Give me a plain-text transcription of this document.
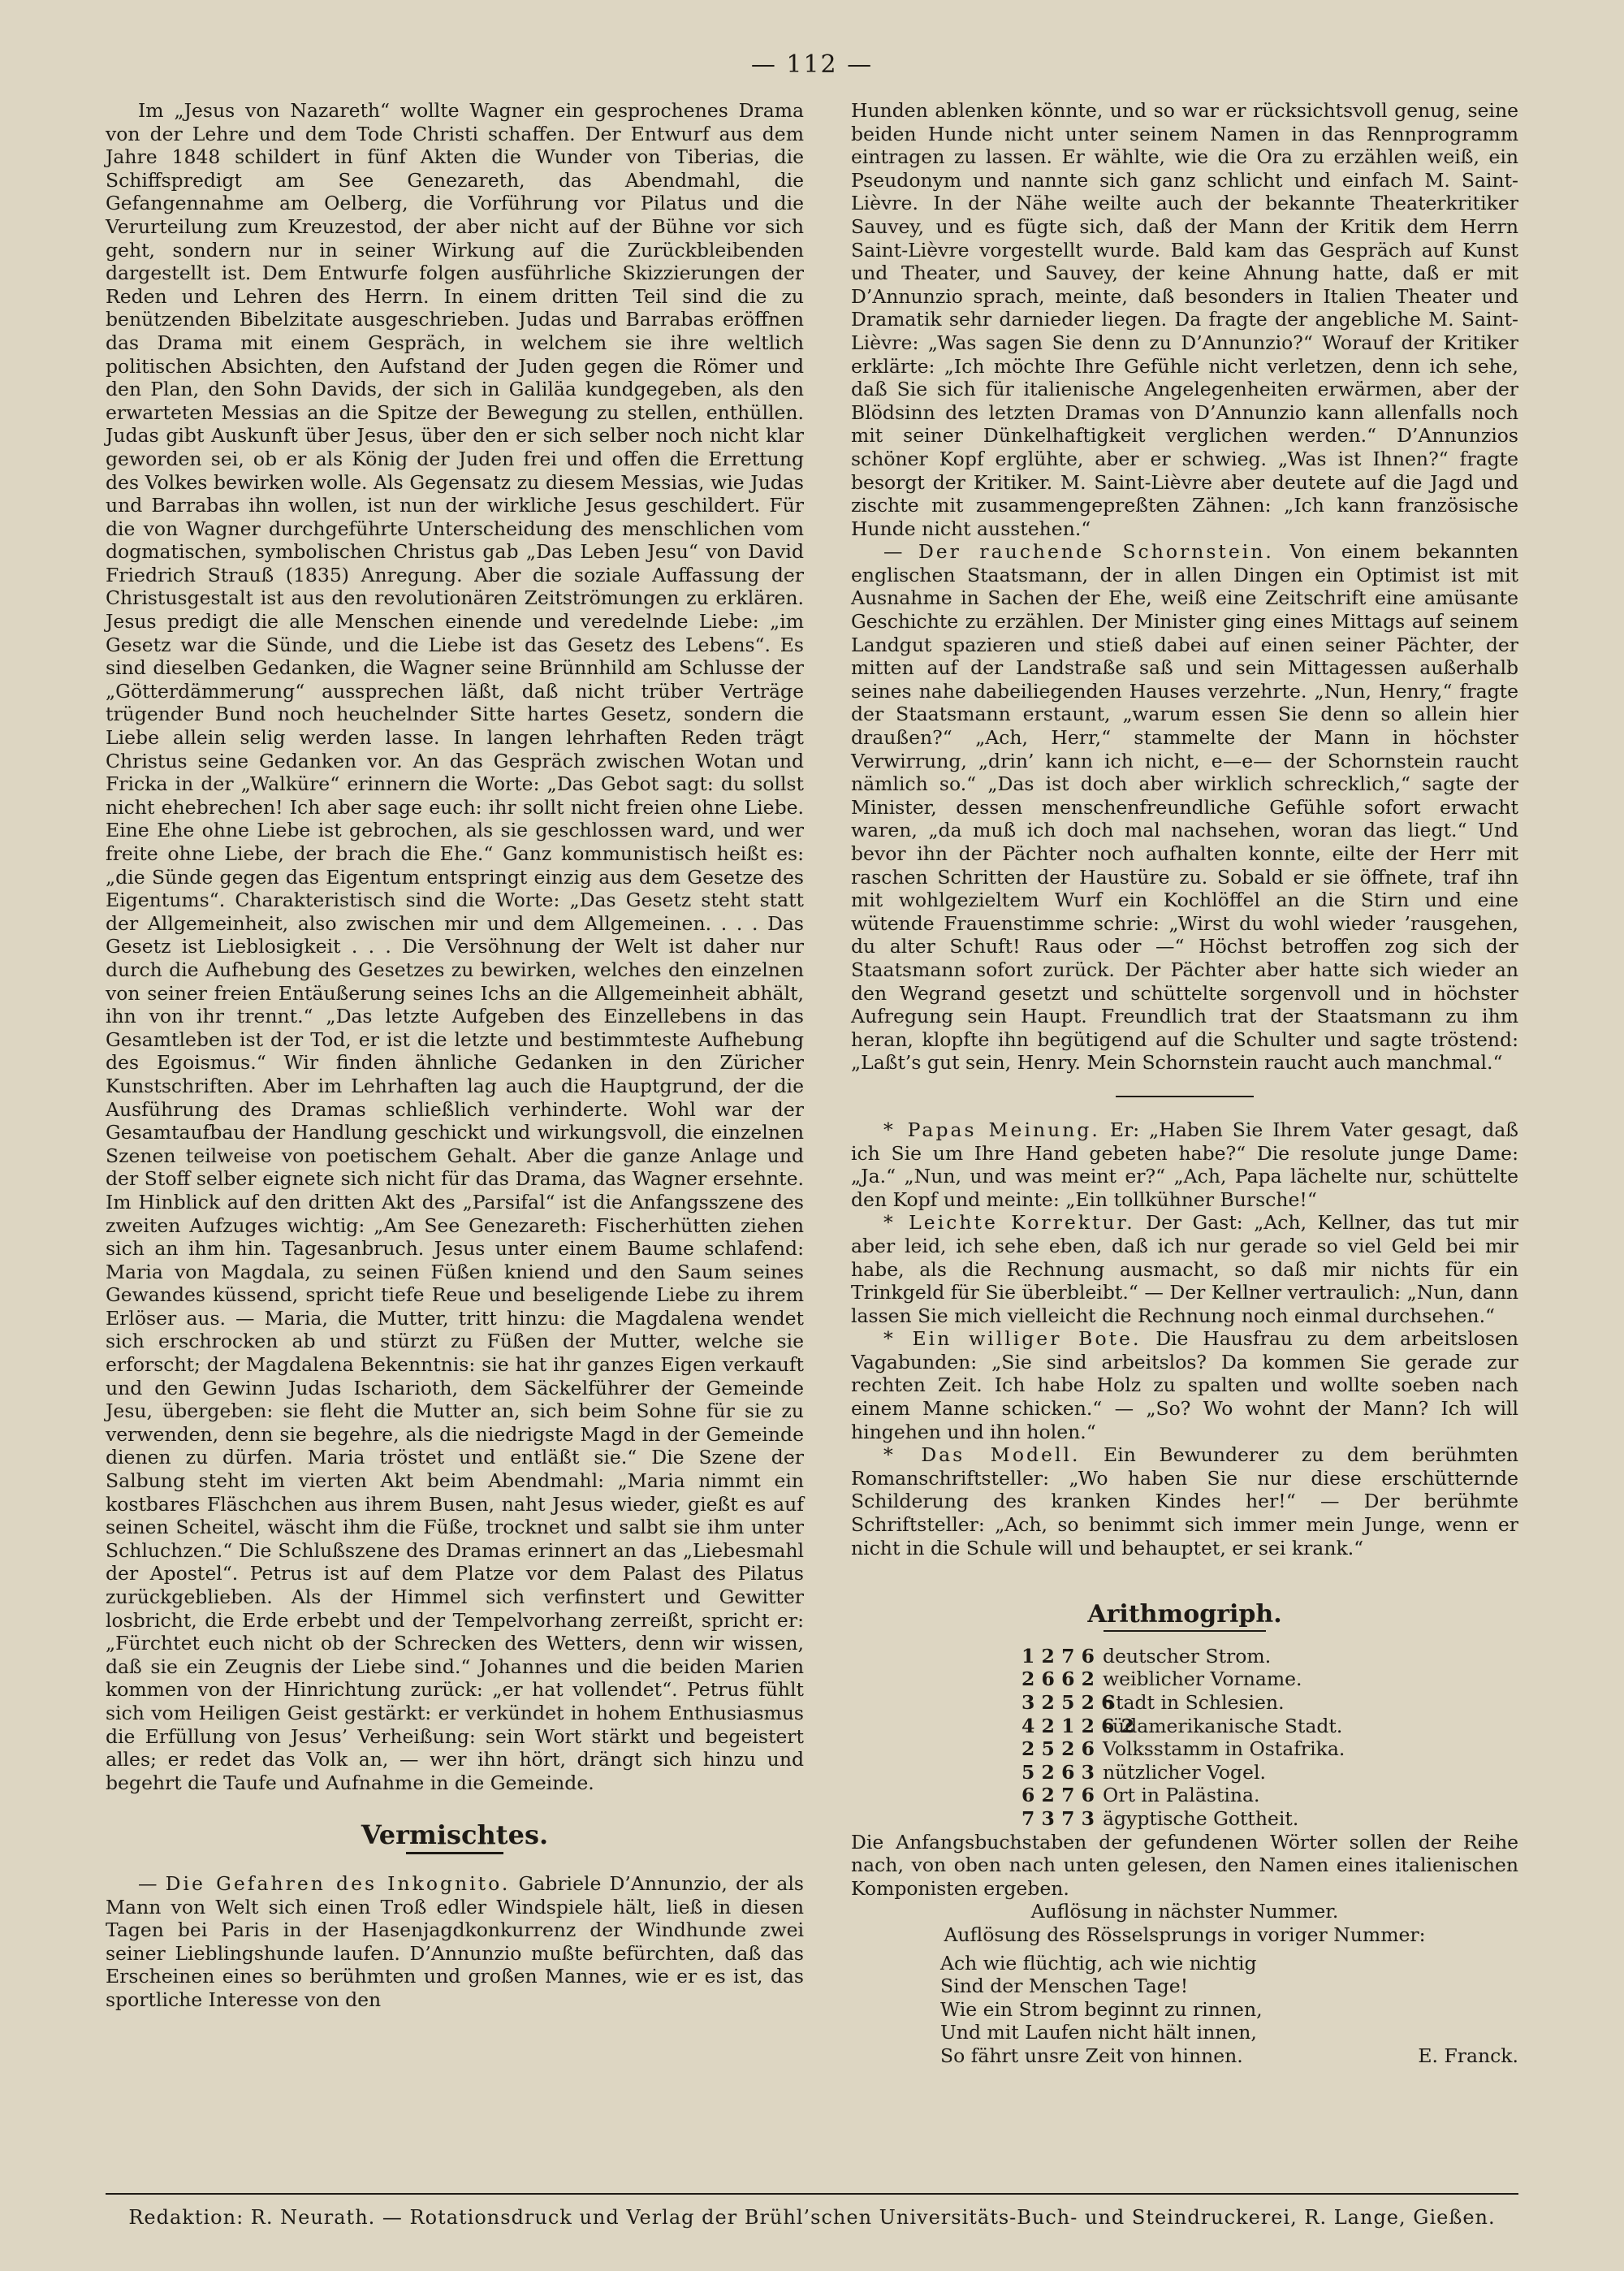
— 112 —

Im „Jesus von Nazareth“ wollte Wagner ein gesprochenes Drama von der Lehre und dem Tode Christi schaffen. Der Entwurf aus dem Jahre 1848 schildert in fünf Akten die Wunder von Tiberias, die Schiffspredigt am See Genezareth, das Abendmahl, die Gefangennahme am Oelberg, die Vorführung vor Pilatus und die Verurteilung zum Kreuzestod, der aber nicht auf der Bühne vor sich geht, sondern nur in seiner Wirkung auf die Zurückbleibenden dargestellt ist. Dem Entwurfe folgen ausführliche Skizzierungen der Reden und Lehren des Herrn. In einem dritten Teil sind die zu benützenden Bibelzitate ausgeschrieben. Judas und Barrabas eröffnen das Drama mit einem Gespräch, in welchem sie ihre weltlich politischen Absichten, den Aufstand der Juden gegen die Römer und den Plan, den Sohn Davids, der sich in Galiläa kundgegeben, als den erwarteten Messias an die Spitze der Bewegung zu stellen, enthüllen. Judas gibt Auskunft über Jesus, über den er sich selber noch nicht klar geworden sei, ob er als König der Juden frei und offen die Errettung des Volkes bewirken wolle. Als Gegensatz zu diesem Messias, wie Judas und Barrabas ihn wollen, ist nun der wirkliche Jesus geschildert. Für die von Wagner durchgeführte Unterscheidung des menschlichen vom dogmatischen, symbolischen Christus gab „Das Leben Jesu“ von David Friedrich Strauß (1835) Anregung. Aber die soziale Auffassung der Christusgestalt ist aus den revolutionären Zeitströmungen zu erklären. Jesus predigt die alle Menschen einende und veredelnde Liebe: „im Gesetz war die Sünde, und die Liebe ist das Gesetz des Lebens“. Es sind dieselben Gedanken, die Wagner seine Brünnhild am Schlusse der „Götterdämmerung“ aussprechen läßt, daß nicht trüber Verträge trügender Bund noch heuchelnder Sitte hartes Gesetz, sondern die Liebe allein selig werden lasse. In langen lehrhaften Reden trägt Christus seine Gedanken vor. An das Gespräch zwischen Wotan und Fricka in der „Walküre“ erinnern die Worte: „Das Gebot sagt: du sollst nicht ehebrechen! Ich aber sage euch: ihr sollt nicht freien ohne Liebe. Eine Ehe ohne Liebe ist gebrochen, als sie geschlossen ward, und wer freite ohne Liebe, der brach die Ehe.“ Ganz kommunistisch heißt es: „die Sünde gegen das Eigentum entspringt einzig aus dem Gesetze des Eigentums“. Charakteristisch sind die Worte: „Das Gesetz steht statt der Allgemeinheit, also zwischen mir und dem Allgemeinen. . . . Das Gesetz ist Lieblosigkeit . . . Die Versöhnung der Welt ist daher nur durch die Aufhebung des Gesetzes zu bewirken, welches den einzelnen von seiner freien Entäußerung seines Ichs an die Allgemeinheit abhält, ihn von ihr trennt.“ „Das letzte Aufgeben des Einzellebens in das Gesamtleben ist der Tod, er ist die letzte und bestimmteste Aufhebung des Egoismus.“ Wir finden ähnliche Gedanken in den Züricher Kunstschriften. Aber im Lehrhaften lag auch die Hauptgrund, der die Ausführung des Dramas schließlich verhinderte. Wohl war der Gesamtaufbau der Handlung geschickt und wirkungsvoll, die einzelnen Szenen teilweise von poetischem Gehalt. Aber die ganze Anlage und der Stoff selber eignete sich nicht für das Drama, das Wagner ersehnte. Im Hinblick auf den dritten Akt des „Parsifal“ ist die Anfangsszene des zweiten Aufzuges wichtig: „Am See Genezareth: Fischerhütten ziehen sich an ihm hin. Tagesanbruch. Jesus unter einem Baume schlafend: Maria von Magdala, zu seinen Füßen kniend und den Saum seines Gewandes küssend, spricht tiefe Reue und beseligende Liebe zu ihrem Erlöser aus. — Maria, die Mutter, tritt hinzu: die Magdalena wendet sich erschrocken ab und stürzt zu Füßen der Mutter, welche sie erforscht; der Magdalena Bekenntnis: sie hat ihr ganzes Eigen verkauft und den Gewinn Judas Ischarioth, dem Säckelführer der Gemeinde Jesu, übergeben: sie fleht die Mutter an, sich beim Sohne für sie zu verwenden, denn sie begehre, als die niedrigste Magd in der Gemeinde dienen zu dürfen. Maria tröstet und entläßt sie.“ Die Szene der Salbung steht im vierten Akt beim Abendmahl: „Maria nimmt ein kostbares Fläschchen aus ihrem Busen, naht Jesus wieder, gießt es auf seinen Scheitel, wäscht ihm die Füße, trocknet und salbt sie ihm unter Schluchzen.“ Die Schlußszene des Dramas erinnert an das „Liebesmahl der Apostel“. Petrus ist auf dem Platze vor dem Palast des Pilatus zurückgeblieben. Als der Himmel sich verfinstert und Gewitter losbricht, die Erde erbebt und der Tempelvorhang zerreißt, spricht er: „Fürchtet euch nicht ob der Schrecken des Wetters, denn wir wissen, daß sie ein Zeugnis der Liebe sind.“ Johannes und die beiden Marien kommen von der Hinrichtung zurück: „er hat vollendet“. Petrus fühlt sich vom Heiligen Geist gestärkt: er verkündet in hohem Enthusiasmus die Erfüllung von Jesus’ Verheißung: sein Wort stärkt und begeistert alles; er redet das Volk an, — wer ihn hört, drängt sich hinzu und begehrt die Taufe und Aufnahme in die Gemeinde.

Vermischtes.

— Die Gefahren des Inkognito. Gabriele D’Annunzio, der als Mann von Welt sich einen Troß edler Windspiele hält, ließ in diesen Tagen bei Paris in der Hasenjagdkonkurrenz der Windhunde zwei seiner Lieblingshunde laufen. D’Annunzio mußte befürchten, daß das Erscheinen eines so berühmten und großen Mannes, wie er es ist, das sportliche Interesse von den

Hunden ablenken könnte, und so war er rücksichtsvoll genug, seine beiden Hunde nicht unter seinem Namen in das Rennprogramm eintragen zu lassen. Er wählte, wie die Ora zu erzählen weiß, ein Pseudonym und nannte sich ganz schlicht und einfach M. Saint-Lièvre. In der Nähe weilte auch der bekannte Theaterkritiker Sauvey, und es fügte sich, daß der Mann der Kritik dem Herrn Saint-Lièvre vorgestellt wurde. Bald kam das Gespräch auf Kunst und Theater, und Sauvey, der keine Ahnung hatte, daß er mit D’Annunzio sprach, meinte, daß besonders in Italien Theater und Dramatik sehr darnieder liegen. Da fragte der angebliche M. Saint-Lièvre: „Was sagen Sie denn zu D’Annunzio?“ Worauf der Kritiker erklärte: „Ich möchte Ihre Gefühle nicht verletzen, denn ich sehe, daß Sie sich für italienische Angelegenheiten erwärmen, aber der Blödsinn des letzten Dramas von D’Annunzio kann allenfalls noch mit seiner Dünkelhaftigkeit verglichen werden.“ D’Annunzios schöner Kopf erglühte, aber er schwieg. „Was ist Ihnen?“ fragte besorgt der Kritiker. M. Saint-Lièvre aber deutete auf die Jagd und zischte mit zusammengepreßten Zähnen: „Ich kann französische Hunde nicht ausstehen.“

— Der rauchende Schornstein. Von einem bekannten englischen Staatsmann, der in allen Dingen ein Optimist ist mit Ausnahme in Sachen der Ehe, weiß eine Zeitschrift eine amüsante Geschichte zu erzählen. Der Minister ging eines Mittags auf seinem Landgut spazieren und stieß dabei auf einen seiner Pächter, der mitten auf der Landstraße saß und sein Mittagessen außerhalb seines nahe dabeiliegenden Hauses verzehrte. „Nun, Henry,“ fragte der Staatsmann erstaunt, „warum essen Sie denn so allein hier draußen?“ „Ach, Herr,“ stammelte der Mann in höchster Verwirrung, „drin’ kann ich nicht, e—e— der Schornstein raucht nämlich so.“ „Das ist doch aber wirklich schrecklich,“ sagte der Minister, dessen menschenfreundliche Gefühle sofort erwacht waren, „da muß ich doch mal nachsehen, woran das liegt.“ Und bevor ihn der Pächter noch aufhalten konnte, eilte der Herr mit raschen Schritten der Haustüre zu. Sobald er sie öffnete, traf ihn mit wohlgezieltem Wurf ein Kochlöffel an die Stirn und eine wütende Frauenstimme schrie: „Wirst du wohl wieder ’rausgehen, du alter Schuft! Raus oder —“ Höchst betroffen zog sich der Staatsmann sofort zurück. Der Pächter aber hatte sich wieder an den Wegrand gesetzt und schüttelte sorgenvoll und in höchster Aufregung sein Haupt. Freundlich trat der Staatsmann zu ihm heran, klopfte ihn begütigend auf die Schulter und sagte tröstend: „Laßt’s gut sein, Henry. Mein Schornstein raucht auch manchmal.“

* Papas Meinung. Er: „Haben Sie Ihrem Vater gesagt, daß ich Sie um Ihre Hand gebeten habe?“ Die resolute junge Dame: „Ja.“ „Nun, und was meint er?“ „Ach, Papa lächelte nur, schüttelte den Kopf und meinte: „Ein tollkühner Bursche!“

* Leichte Korrektur. Der Gast: „Ach, Kellner, das tut mir aber leid, ich sehe eben, daß ich nur gerade so viel Geld bei mir habe, als die Rechnung ausmacht, so daß mir nichts für ein Trinkgeld für Sie überbleibt.“ — Der Kellner vertraulich: „Nun, dann lassen Sie mich vielleicht die Rechnung noch einmal durchsehen.“

* Ein williger Bote. Die Hausfrau zu dem arbeitslosen Vagabunden: „Sie sind arbeitslos? Da kommen Sie gerade zur rechten Zeit. Ich habe Holz zu spalten und wollte soeben nach einem Manne schicken.“ — „So? Wo wohnt der Mann? Ich will hingehen und ihn holen.“

* Das Modell. Ein Bewunderer zu dem berühmten Romanschriftsteller: „Wo haben Sie nur diese erschütternde Schilderung des kranken Kindes her!“ — Der berühmte Schriftsteller: „Ach, so benimmt sich immer mein Junge, wenn er nicht in die Schule will und behauptet, er sei krank.“

Arithmogriph.
1 2 7 6 deutscher Strom.
2 6 6 2 weiblicher Vorname.
3 2 5 2 6
Stadt in Schlesien.
4 2 1 2 6 2
südamerikanische Stadt.
2 5 2 6 Volksstamm in Ostafrika.
5 2 6 3 nützlicher Vogel.
6 2 7 6 Ort in Palästina.
7 3 7 3 ägyptische Gottheit.

Die Anfangsbuchstaben der gefundenen Wörter sollen der Reihe nach, von oben nach unten gelesen, den Namen eines italienischen Komponisten ergeben.

Auflösung in nächster Nummer.

Auflösung des Rösselsprungs in voriger Nummer:

Ach wie flüchtig, ach wie nichtig
Sind der Menschen Tage!
Wie ein Strom beginnt zu rinnen,
Und mit Laufen nicht hält innen,
So fährt unsre Zeit von hinnen.	E. Franck.
Redaktion: R. Neurath. — Rotationsdruck und Verlag der Brühl’schen Universitäts-Buch- und Steindruckerei, R. Lange, Gießen.
